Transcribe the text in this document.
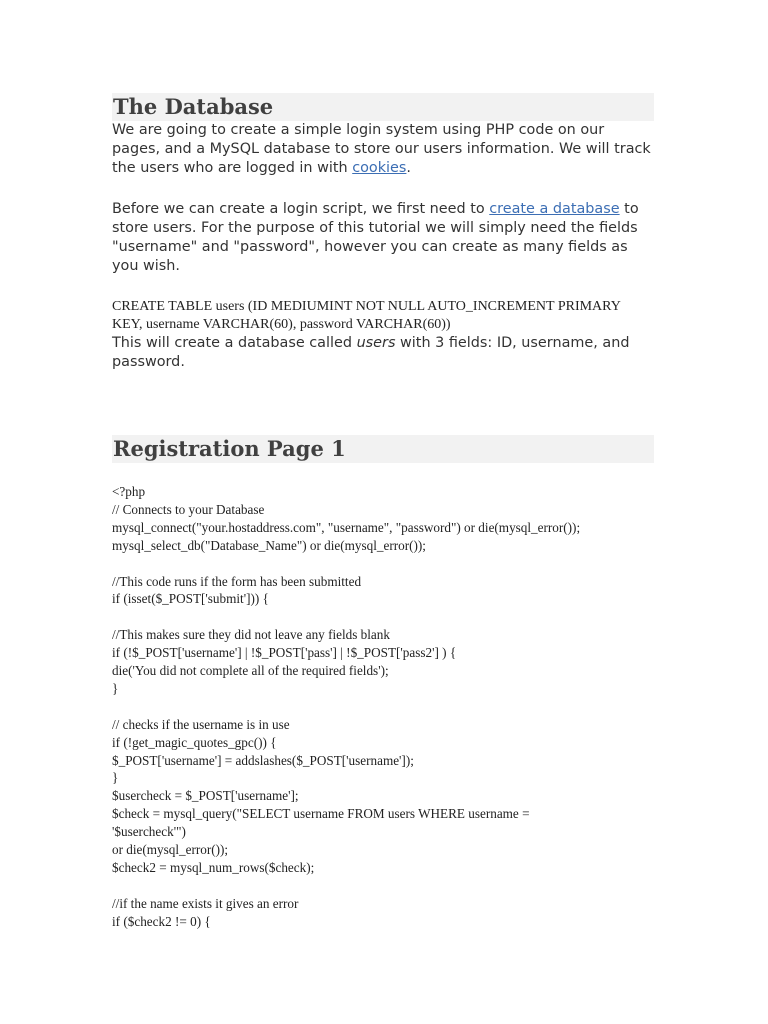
The Database

We are going to create a simple login system using PHP code on our pages, and a MySQL database to store our users information. We will track the users who are logged in with cookies.

Before we can create a login script, we first need to create a database to store users. For the purpose of this tutorial we will simply need the fields "username" and "password", however you can create as many fields as you wish.

CREATE TABLE users (ID MEDIUMINT NOT NULL AUTO_INCREMENT PRIMARY KEY, username VARCHAR(60), password VARCHAR(60))

This will create a database called users with 3 fields: ID, username, and password.

Registration Page 1
<?php
// Connects to your Database
mysql_connect("your.hostaddress.com", "username", "password") or die(mysql_error());
mysql_select_db("Database_Name") or die(mysql_error());
//This code runs if the form has been submitted
if (isset($_POST['submit'])) {
//This makes sure they did not leave any fields blank
if (!$_POST['username'] | !$_POST['pass'] | !$_POST['pass2'] ) {
die('You did not complete all of the required fields');
}
// checks if the username is in use
if (!get_magic_quotes_gpc()) {
$_POST['username'] = addslashes($_POST['username']);
}
$usercheck = $_POST['username'];
$check = mysql_query("SELECT username FROM users WHERE username =
'$usercheck'")
or die(mysql_error());
$check2 = mysql_num_rows($check);
//if the name exists it gives an error
if ($check2 != 0) {
